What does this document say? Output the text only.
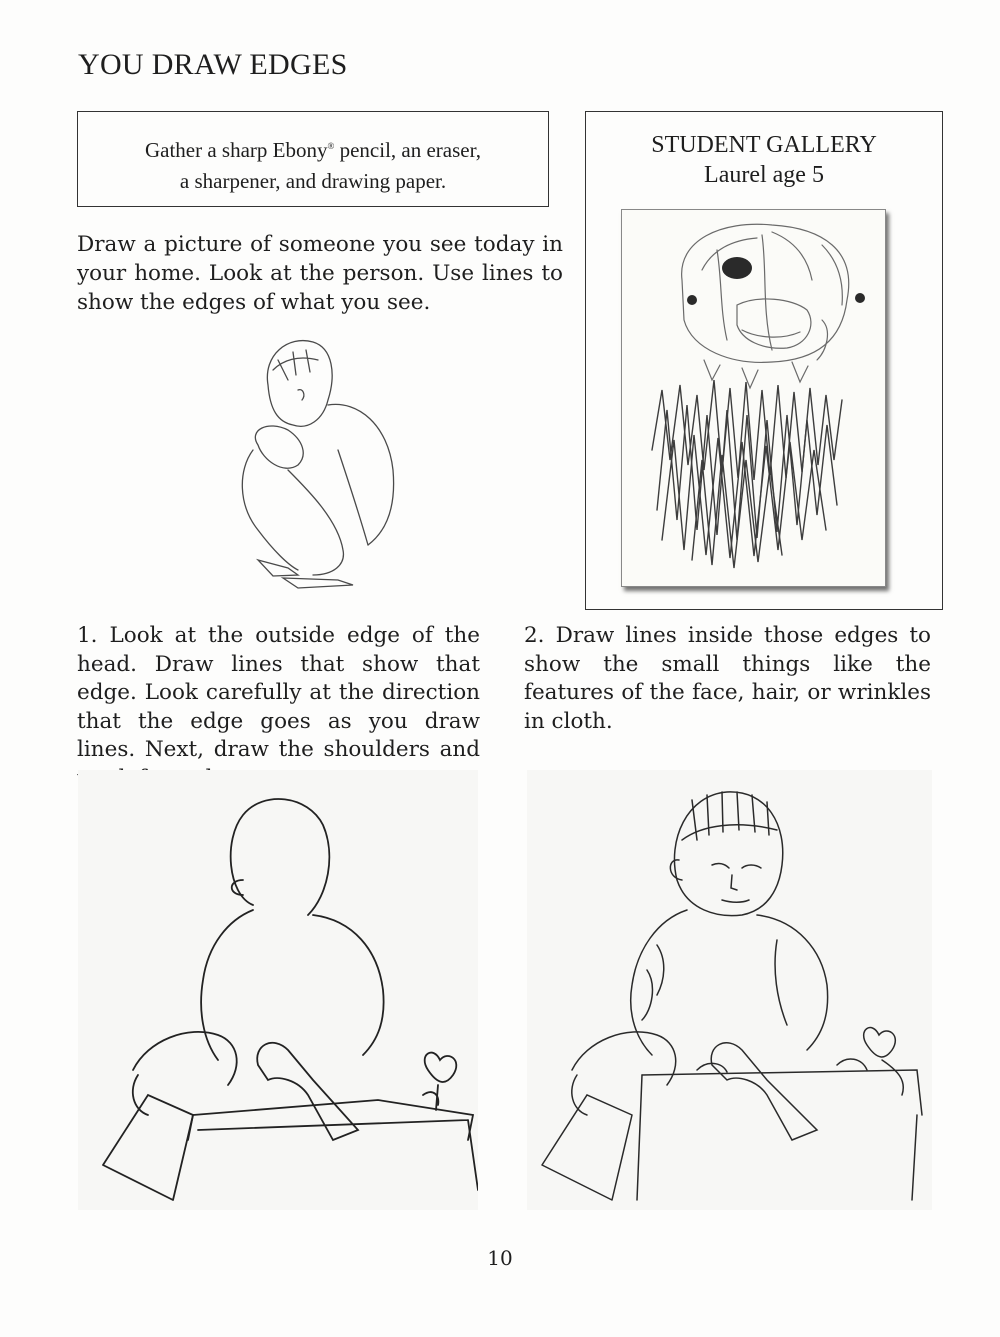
YOU DRAW EDGES
Gather a sharp Ebony® pencil, an eraser,
a sharpener, and drawing paper.
Draw a picture of someone you see today in your home. Look at the person. Use lines to show the edges of what you see.
STUDENT GALLERY
Laurel age 5
1. Look at the outside edge of the head. Draw lines that show that edge. Look carefully at the direction that the edge goes as you draw lines. Next, draw the shoulders and
2. Draw lines inside those edges to show the small things like the features of the face, hair, or wrinkles in cloth.
10
